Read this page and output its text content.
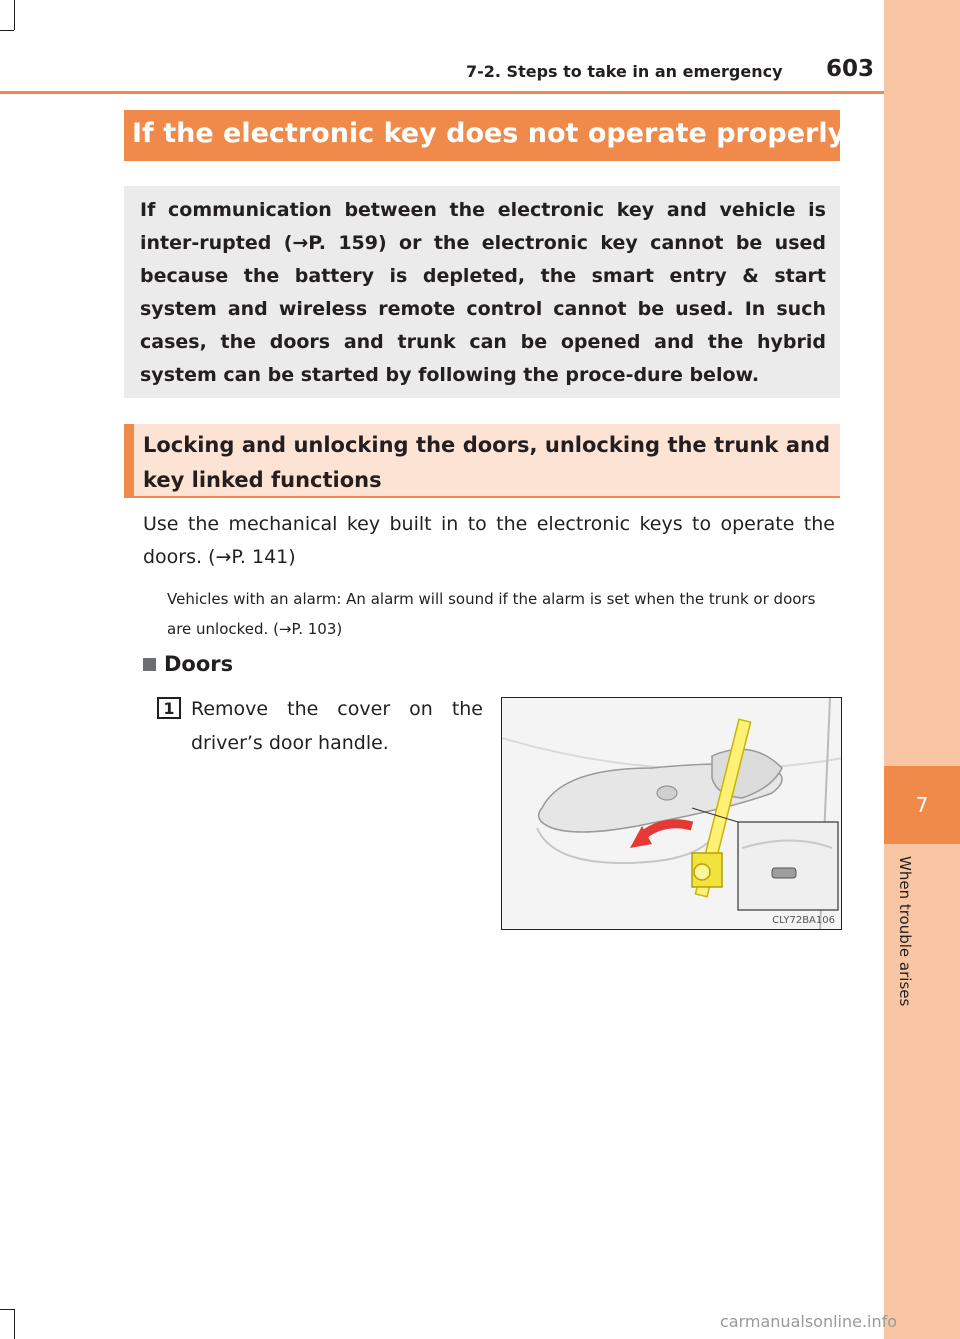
7
When trouble arises
7-2. Steps to take in an emergency 603
If the electronic key does not operate properly

If communication between the electronic key and vehicle is inter-rupted (→P. 159) or the electronic key cannot be used because the battery is depleted, the smart entry & start system and wireless remote control cannot be used. In such cases, the doors and trunk can be opened and the hybrid system can be started by following the proce-dure below.

Locking and unlocking the doors, unlocking the trunk and key linked functions

Use the mechanical key built in to the electronic keys to operate the doors. (→P. 141)

Vehicles with an alarm: An alarm will sound if the alarm is set when the trunk or doors are unlocked. (→P. 103)

Doors
1 Remove the cover on the driver’s door handle.

CLY72BA106
carmanualsonline.info
